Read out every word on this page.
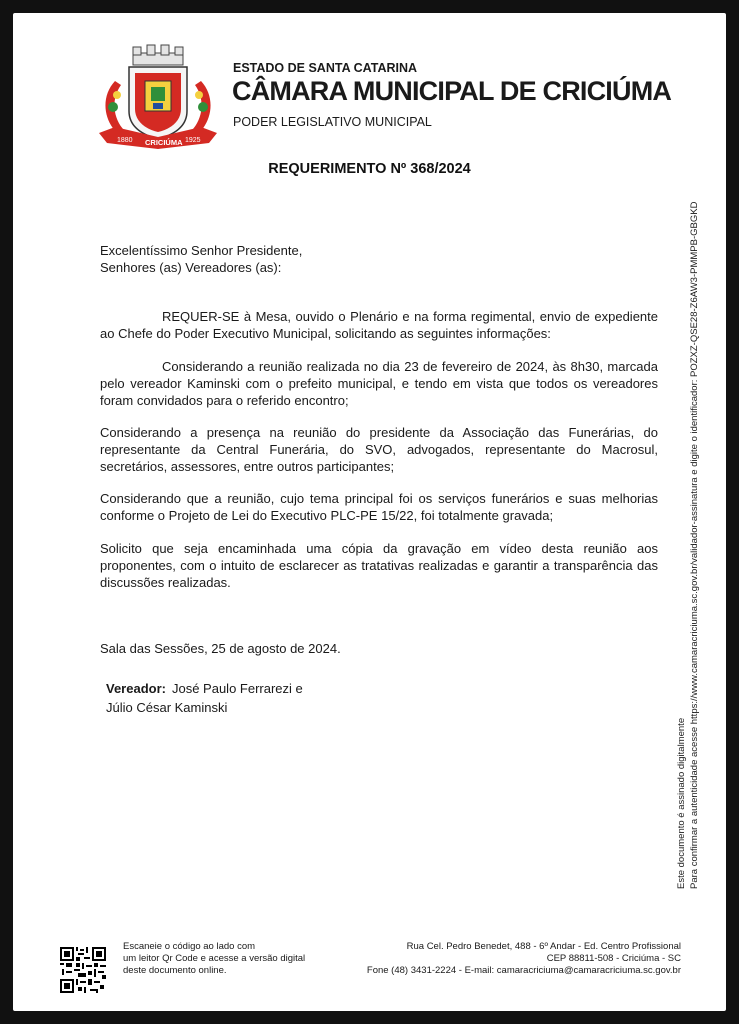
1880 CRICIÚMA 1925
ESTADO DE SANTA CATARINA
CÂMARA MUNICIPAL DE CRICIÚMA
PODER LEGISLATIVO MUNICIPAL
REQUERIMENTO Nº 368/2024
Excelentíssimo Senhor Presidente,
Senhores (as) Vereadores (as):
REQUER-SE à Mesa, ouvido o Plenário e na forma regimental, envio de expediente ao Chefe do Poder Executivo Municipal, solicitando as seguintes informações:
Considerando a reunião realizada no dia 23 de fevereiro de 2024, às 8h30, marcada pelo vereador Kaminski com o prefeito municipal, e tendo em vista que todos os vereadores foram convidados para o referido encontro;
Considerando a presença na reunião do presidente da Associação das Funerárias, do representante da Central Funerária, do SVO, advogados, representante do Macrosul, secretários, assessores, entre outros participantes;
Considerando que a reunião, cujo tema principal foi os serviços funerários e suas melhorias conforme o Projeto de Lei do Executivo PLC-PE 15/22, foi totalmente gravada;
Solicito que seja encaminhada uma cópia da gravação em vídeo desta reunião aos proponentes, com o intuito de esclarecer as tratativas realizadas e garantir a transparência das discussões realizadas.
Sala das Sessões, 25 de agosto de 2024.
Vereador: José Paulo Ferrarezi e
Júlio César Kaminski
Este documento é assinado digitalmente Para confirmar a autenticidade acesse https://www.camaracriciuma.sc.gov.br/validador-assinatura e digite o identificador: POZXZ-QSE28-Z6AW3-PMMPB-GBGKD
Escaneie o código ao lado com
um leitor Qr Code e acesse a versão digital
deste documento online.
Rua Cel. Pedro Benedet, 488 - 6º Andar - Ed. Centro Profissional
CEP 88811-508 - Criciúma - SC
Fone (48) 3431-2224 - E-mail: camaracriciuma@camaracriciuma.sc.gov.br
